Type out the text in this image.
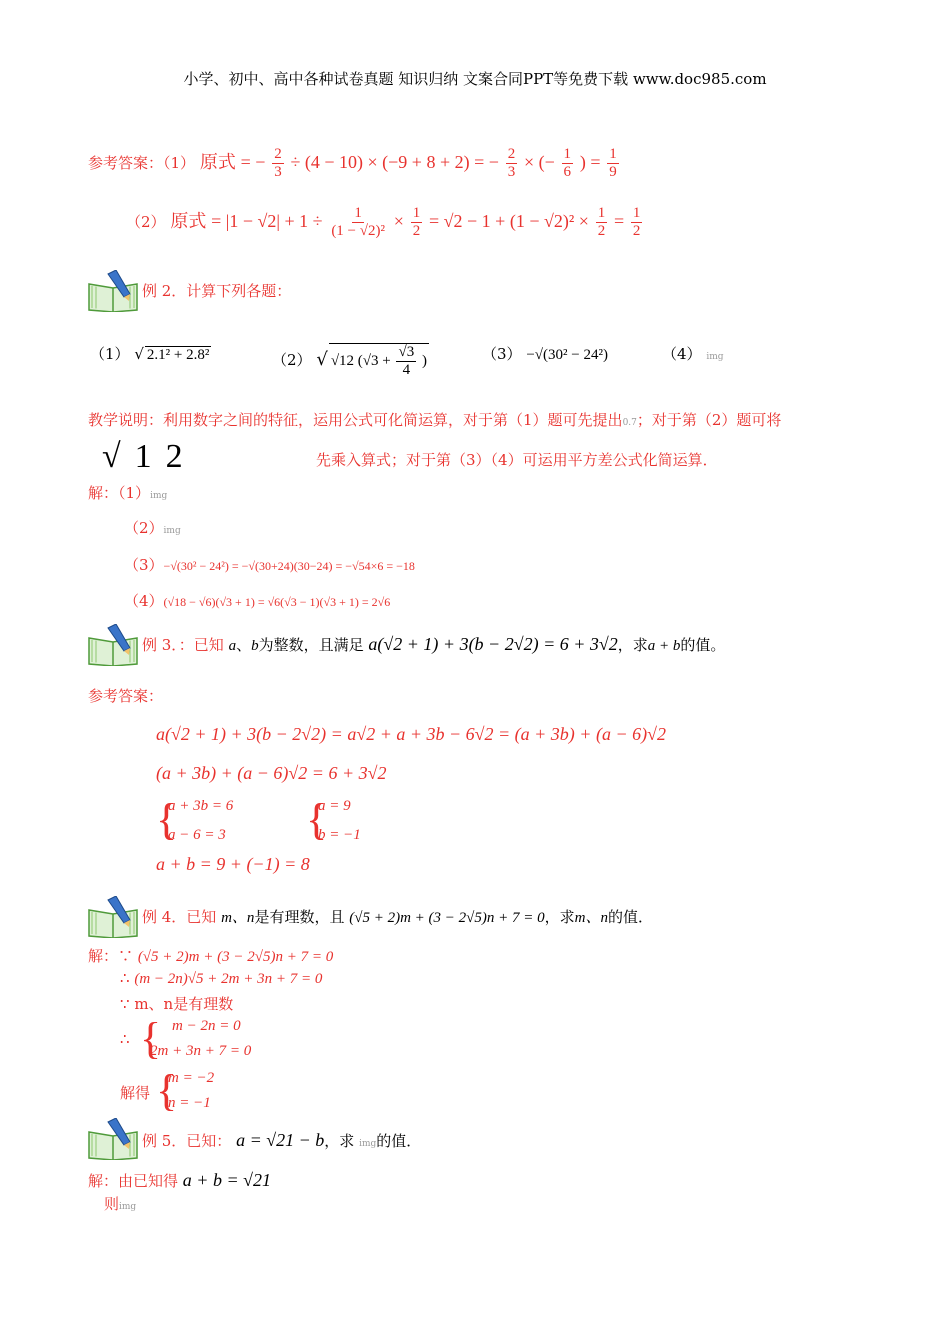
小学、初中、高中各种试卷真题 知识归纳 文案合同PPT等免费下载 www.doc985.com
参考答案：（1） 原式 = − $\frac{2}{3} \div (4 - 10) \times (-9 + 8 + 2)$ = − $\frac{2}{3}$ × (− $\frac{1}{6}$ ) = $\frac{1}{9}$
（2） 原式 = $|1 - √2| + 1 \div \frac{1}{\text{(1 − √2)²}} \times \frac{1}{2} = √2 - 1 + (1 - √2)^2 \times \frac{1}{2} = \frac{1}{2}$
例 2．计算下列各题：
（1） √ 2.1² + 2.8²	（2） √ √12 ($√3 + \frac{√3}{4}$ )	（3） −√(30² − 24²)	（4） img
教学说明：利用数字之间的特征，运用公式可化简运算，对于第（1）题可先提出0.7；对于第（2）题可将
√12	先乘入算式；对于第（3）（4）可运用平方差公式化简运算．
解：（1）img
（2）img
（3）−√(30² − 24²) = −√(30+24)(30−24) = −√54×6 = −18
（4）(√18 − √6)(√3 + 1) = √6(√3 − 1)(√3 + 1) = 2√6
例 3．：已知 a、b为整数，且满足 a(√2 + 1) + 3(b − 2√2) = 6 + 3√2，求a + b的值。
参考答案：
a(√2 + 1) + 3(b − 2√2) = a√2 + a + 3b − 6√2 = (a + 3b) + (a − 6)√2
(a + 3b) + (a − 6)√2 = 6 + 3√2
{
a + 3b = 6
a − 6 = 3 {
a = 9
b = −1
a + b = 9 + (−1) = 8
例 4．已知 m、n是有理数，且 (√5 + 2)m + (3 − 2√5)n + 7 = 0，求m、n的值．
解：∵ (√5 + 2)m + (3 − 2√5)n + 7 = 0
∴ (m − 2n)√5 + 2m + 3n + 7 = 0
∵ m、n是有理数
∴ { m − 2n = 0
2m + 3n + 7 = 0
解得 {
m = −2
n = −1
例 5．已知： a = √21 − b，求 img的值．
解：由已知得 a + b = √21
则img
